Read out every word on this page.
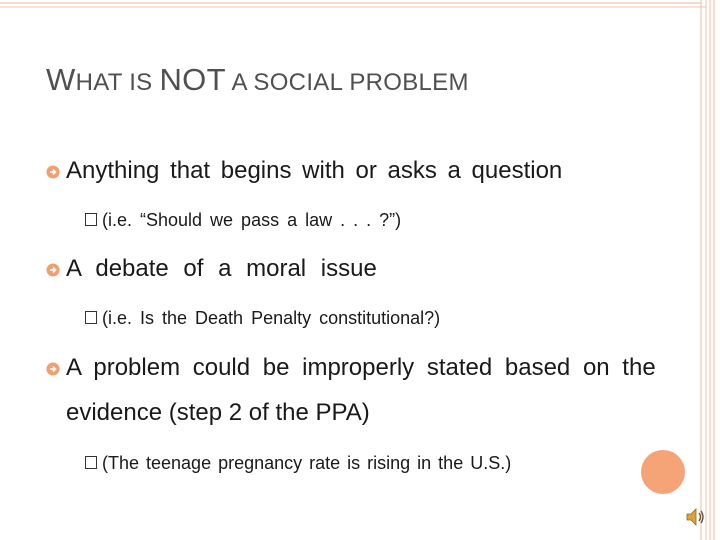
WHAT IS NOT A SOCIAL PROBLEM
Anything that begins with or asks a question
(i.e. “Should we pass a law . . . ?”)
A debate of a moral issue
(i.e. Is the Death Penalty constitutional?)
A problem could be improperly stated based on the
evidence (step 2 of the PPA)
(The teenage pregnancy rate is rising in the U.S.)
